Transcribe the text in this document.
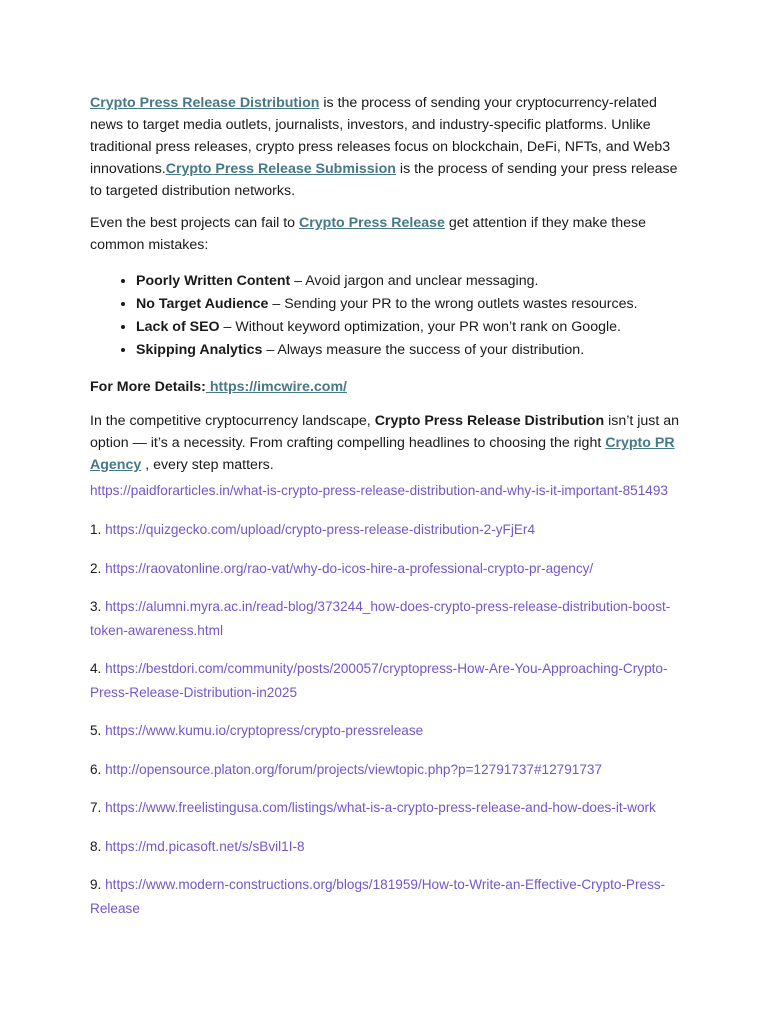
Crypto Press Release Distribution is the process of sending your cryptocurrency-related news to target media outlets, journalists, investors, and industry-specific platforms. Unlike traditional press releases, crypto press releases focus on blockchain, DeFi, NFTs, and Web3 innovations.Crypto Press Release Submission is the process of sending your press release to targeted distribution networks.

Even the best projects can fail to Crypto Press Release get attention if they make these common mistakes:

• Poorly Written Content – Avoid jargon and unclear messaging.
• No Target Audience – Sending your PR to the wrong outlets wastes resources.
• Lack of SEO – Without keyword optimization, your PR won’t rank on Google.
• Skipping Analytics – Always measure the success of your distribution.

For More Details: https://imcwire.com/

In the competitive cryptocurrency landscape, Crypto Press Release Distribution isn’t just an option — it’s a necessity. From crafting compelling headlines to choosing the right Crypto PR Agency , every step matters.

https://paidforarticles.in/what-is-crypto-press-release-distribution-and-why-is-it-important-851493

1. https://quizgecko.com/upload/crypto-press-release-distribution-2-yFjEr4

2. https://raovatonline.org/rao-vat/why-do-icos-hire-a-professional-crypto-pr-agency/

3. https://alumni.myra.ac.in/read-blog/373244_how-does-crypto-press-release-distribution-boost-token-awareness.html

4. https://bestdori.com/community/posts/200057/cryptopress-How-Are-You-Approaching-Crypto-Press-Release-Distribution-in2025

5. https://www.kumu.io/cryptopress/crypto-pressrelease

6. http://opensource.platon.org/forum/projects/viewtopic.php?p=12791737#12791737

7. https://www.freelistingusa.com/listings/what-is-a-crypto-press-release-and-how-does-it-work

8. https://md.picasoft.net/s/sBvil1I-8

9. https://www.modern-constructions.org/blogs/181959/How-to-Write-an-Effective-Crypto-Press-Release
